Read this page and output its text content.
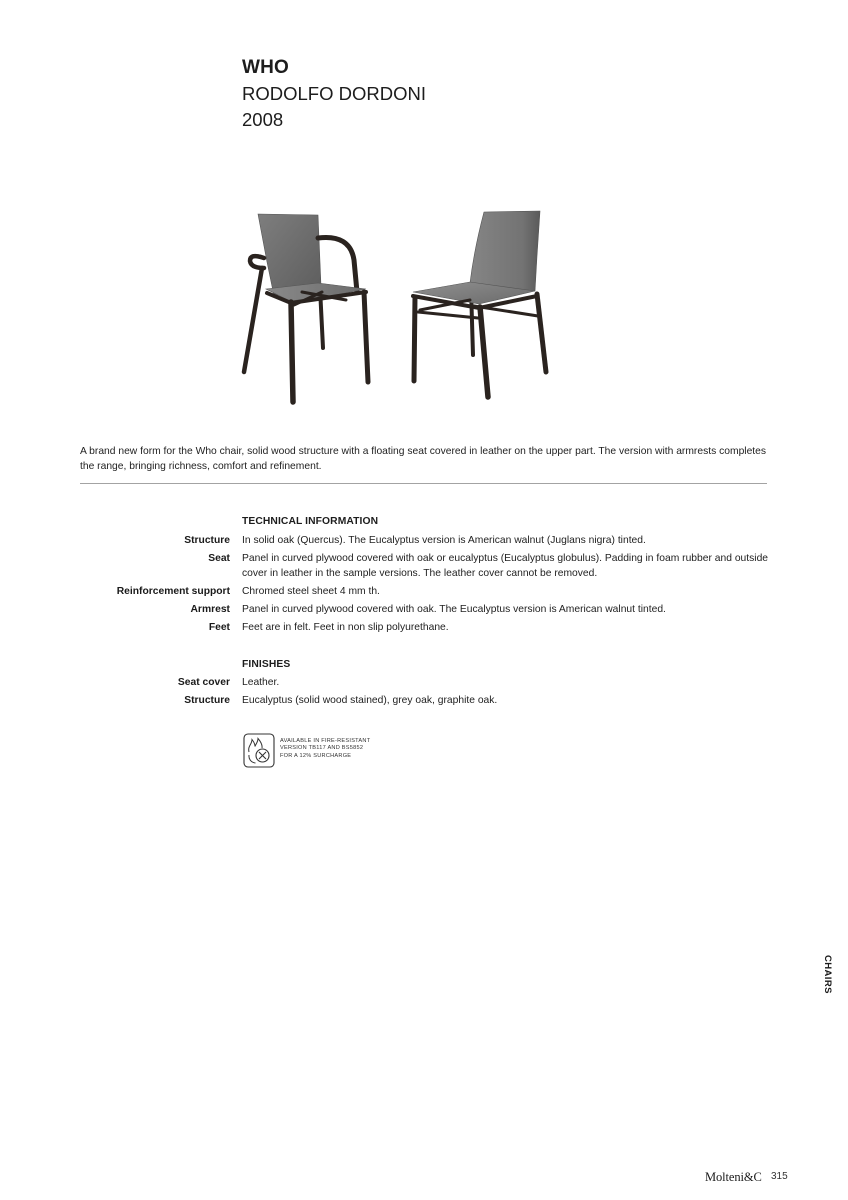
WHO
RODOLFO DORDONI
2008
A brand new form for the Who chair, solid wood structure with a floating seat covered in leather on the upper part. The version with armrests completes the range, bringing richness, comfort and refinement.
TECHNICAL INFORMATION
Structure In solid oak (Quercus). The Eucalyptus version is American walnut (Juglans nigra) tinted.
Seat Panel in curved plywood covered with oak or eucalyptus (Eucalyptus globulus). Padding in foam rubber and outside cover in leather in the sample versions. The leather cover cannot be removed.
Reinforcement support Chromed steel sheet 4 mm th.
Armrest Panel in curved plywood covered with oak. The Eucalyptus version is American walnut tinted.
Feet Feet are in felt. Feet in non slip polyurethane.
FINISHES
Seat cover Leather.
Structure Eucalyptus (solid wood stained), grey oak, graphite oak.
AVAILABLE IN FIRE-RESISTANT
VERSION TB117 AND BS5852
FOR A 12% SURCHARGE
CHAIRS
Molteni&C 315
